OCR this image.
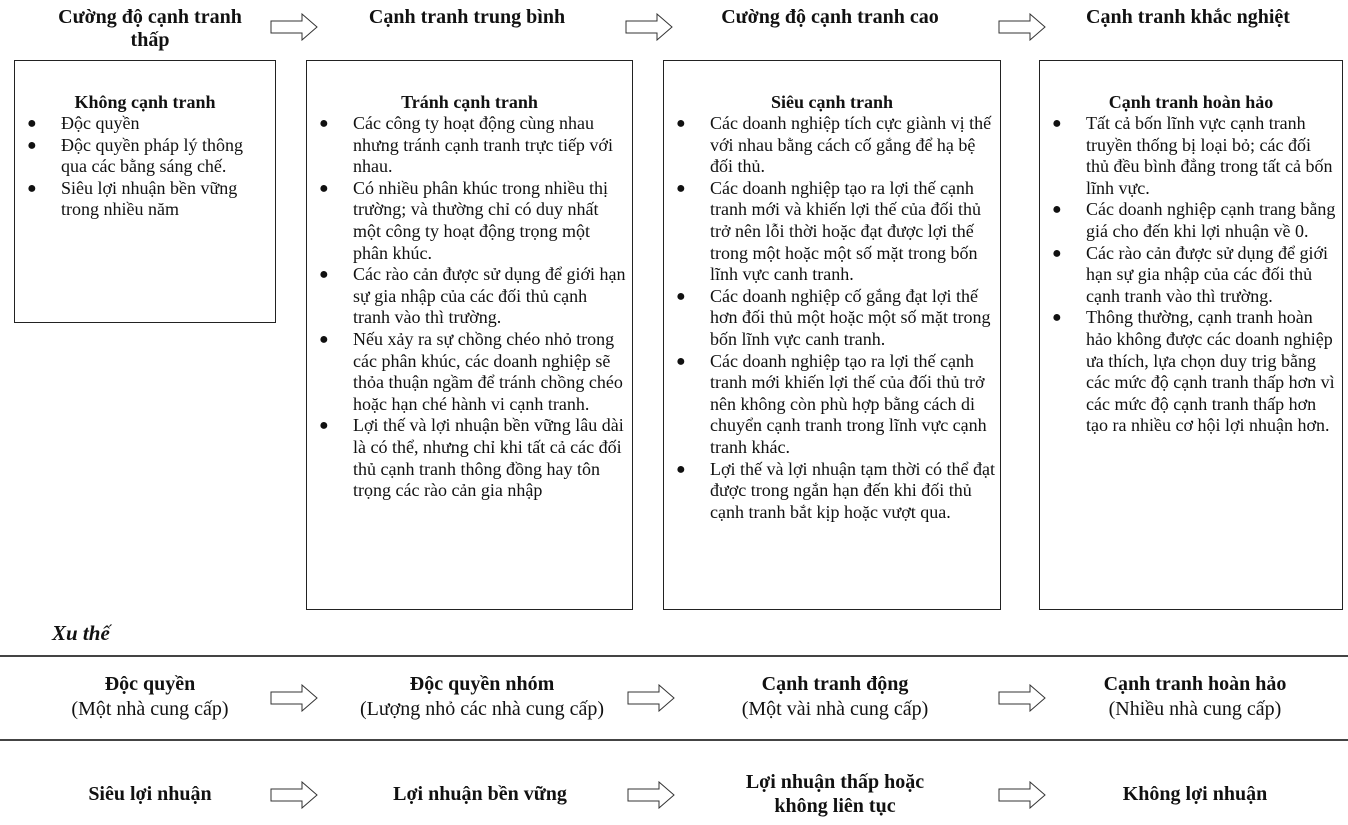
Cường độ cạnh tranh thấp
Cạnh tranh trung bình	Cường độ cạnh tranh cao	Cạnh tranh khắc nghiệt
Không cạnh tranh
● Độc quyền
● Độc quyền pháp lý thông qua các bằng sáng chế.
● Siêu lợi nhuận bền vững trong nhiều năm
Tránh cạnh tranh
● Các công ty hoạt động cùng nhau nhưng tránh cạnh tranh trực tiếp với nhau.
● Có nhiều phân khúc trong nhiều thị trường; và thường chỉ có duy nhất một công ty hoạt động trọng một phân khúc.
● Các rào cản được sử dụng để giới hạn sự gia nhập của các đối thủ cạnh tranh vào thì trường.
● Nếu xảy ra sự chồng chéo nhỏ trong các phân khúc, các doanh nghiệp sẽ thỏa thuận ngầm để tránh chồng chéo hoặc hạn ché hành vi cạnh tranh.
● Lợi thế và lợi nhuận bền vững lâu dài là có thể, nhưng chỉ khi tất cả các đối thủ cạnh tranh thông đồng hay tôn trọng các rào cản gia nhập
Siêu cạnh tranh
● Các doanh nghiệp tích cực giành vị thế với nhau bằng cách cố gắng để hạ bệ đối thủ.
● Các doanh nghiệp tạo ra lợi thế cạnh tranh mới và khiến lợi thế của đối thủ trở nên lỗi thời hoặc đạt được lợi thế trong một hoặc một số mặt trong bốn lĩnh vực canh tranh.
● Các doanh nghiệp cố gắng đạt lợi thế hơn đối thủ một hoặc một số mặt trong bốn lĩnh vực canh tranh.
● Các doanh nghiệp tạo ra lợi thế cạnh tranh mới khiến lợi thế của đối thủ trở nên không còn phù hợp bằng cách di chuyển cạnh tranh trong lĩnh vực cạnh tranh khác.
● Lợi thế và lợi nhuận tạm thời có thể đạt được trong ngắn hạn đến khi đối thủ cạnh tranh bắt kịp hoặc vượt qua.
Cạnh tranh hoàn hảo
● Tất cả bốn lĩnh vực cạnh tranh truyền thống bị loại bỏ; các đối thủ đều bình đẳng trong tất cả bốn lĩnh vực.
● Các doanh nghiệp cạnh trang bằng giá cho đến khi lợi nhuận về 0.
● Các rào cản được sử dụng để giới hạn sự gia nhập của các đối thủ cạnh tranh vào thì trường.
● Thông thường, cạnh tranh hoàn hảo không được các doanh nghiệp ưa thích, lựa chọn duy trig bằng các mức độ cạnh tranh thấp hơn vì các mức độ cạnh tranh thấp hơn tạo ra nhiều cơ hội lợi nhuận hơn.
Xu thế
Độc quyền
(Một nhà cung cấp)
Độc quyền nhóm
(Lượng nhỏ các nhà cung cấp)
Cạnh tranh động
(Một vài nhà cung cấp)
Cạnh tranh hoàn hảo
(Nhiều nhà cung cấp)
Siêu lợi nhuận	Lợi nhuận bền vững
Lợi nhuận thấp hoặc không liên tục
Không lợi nhuận
